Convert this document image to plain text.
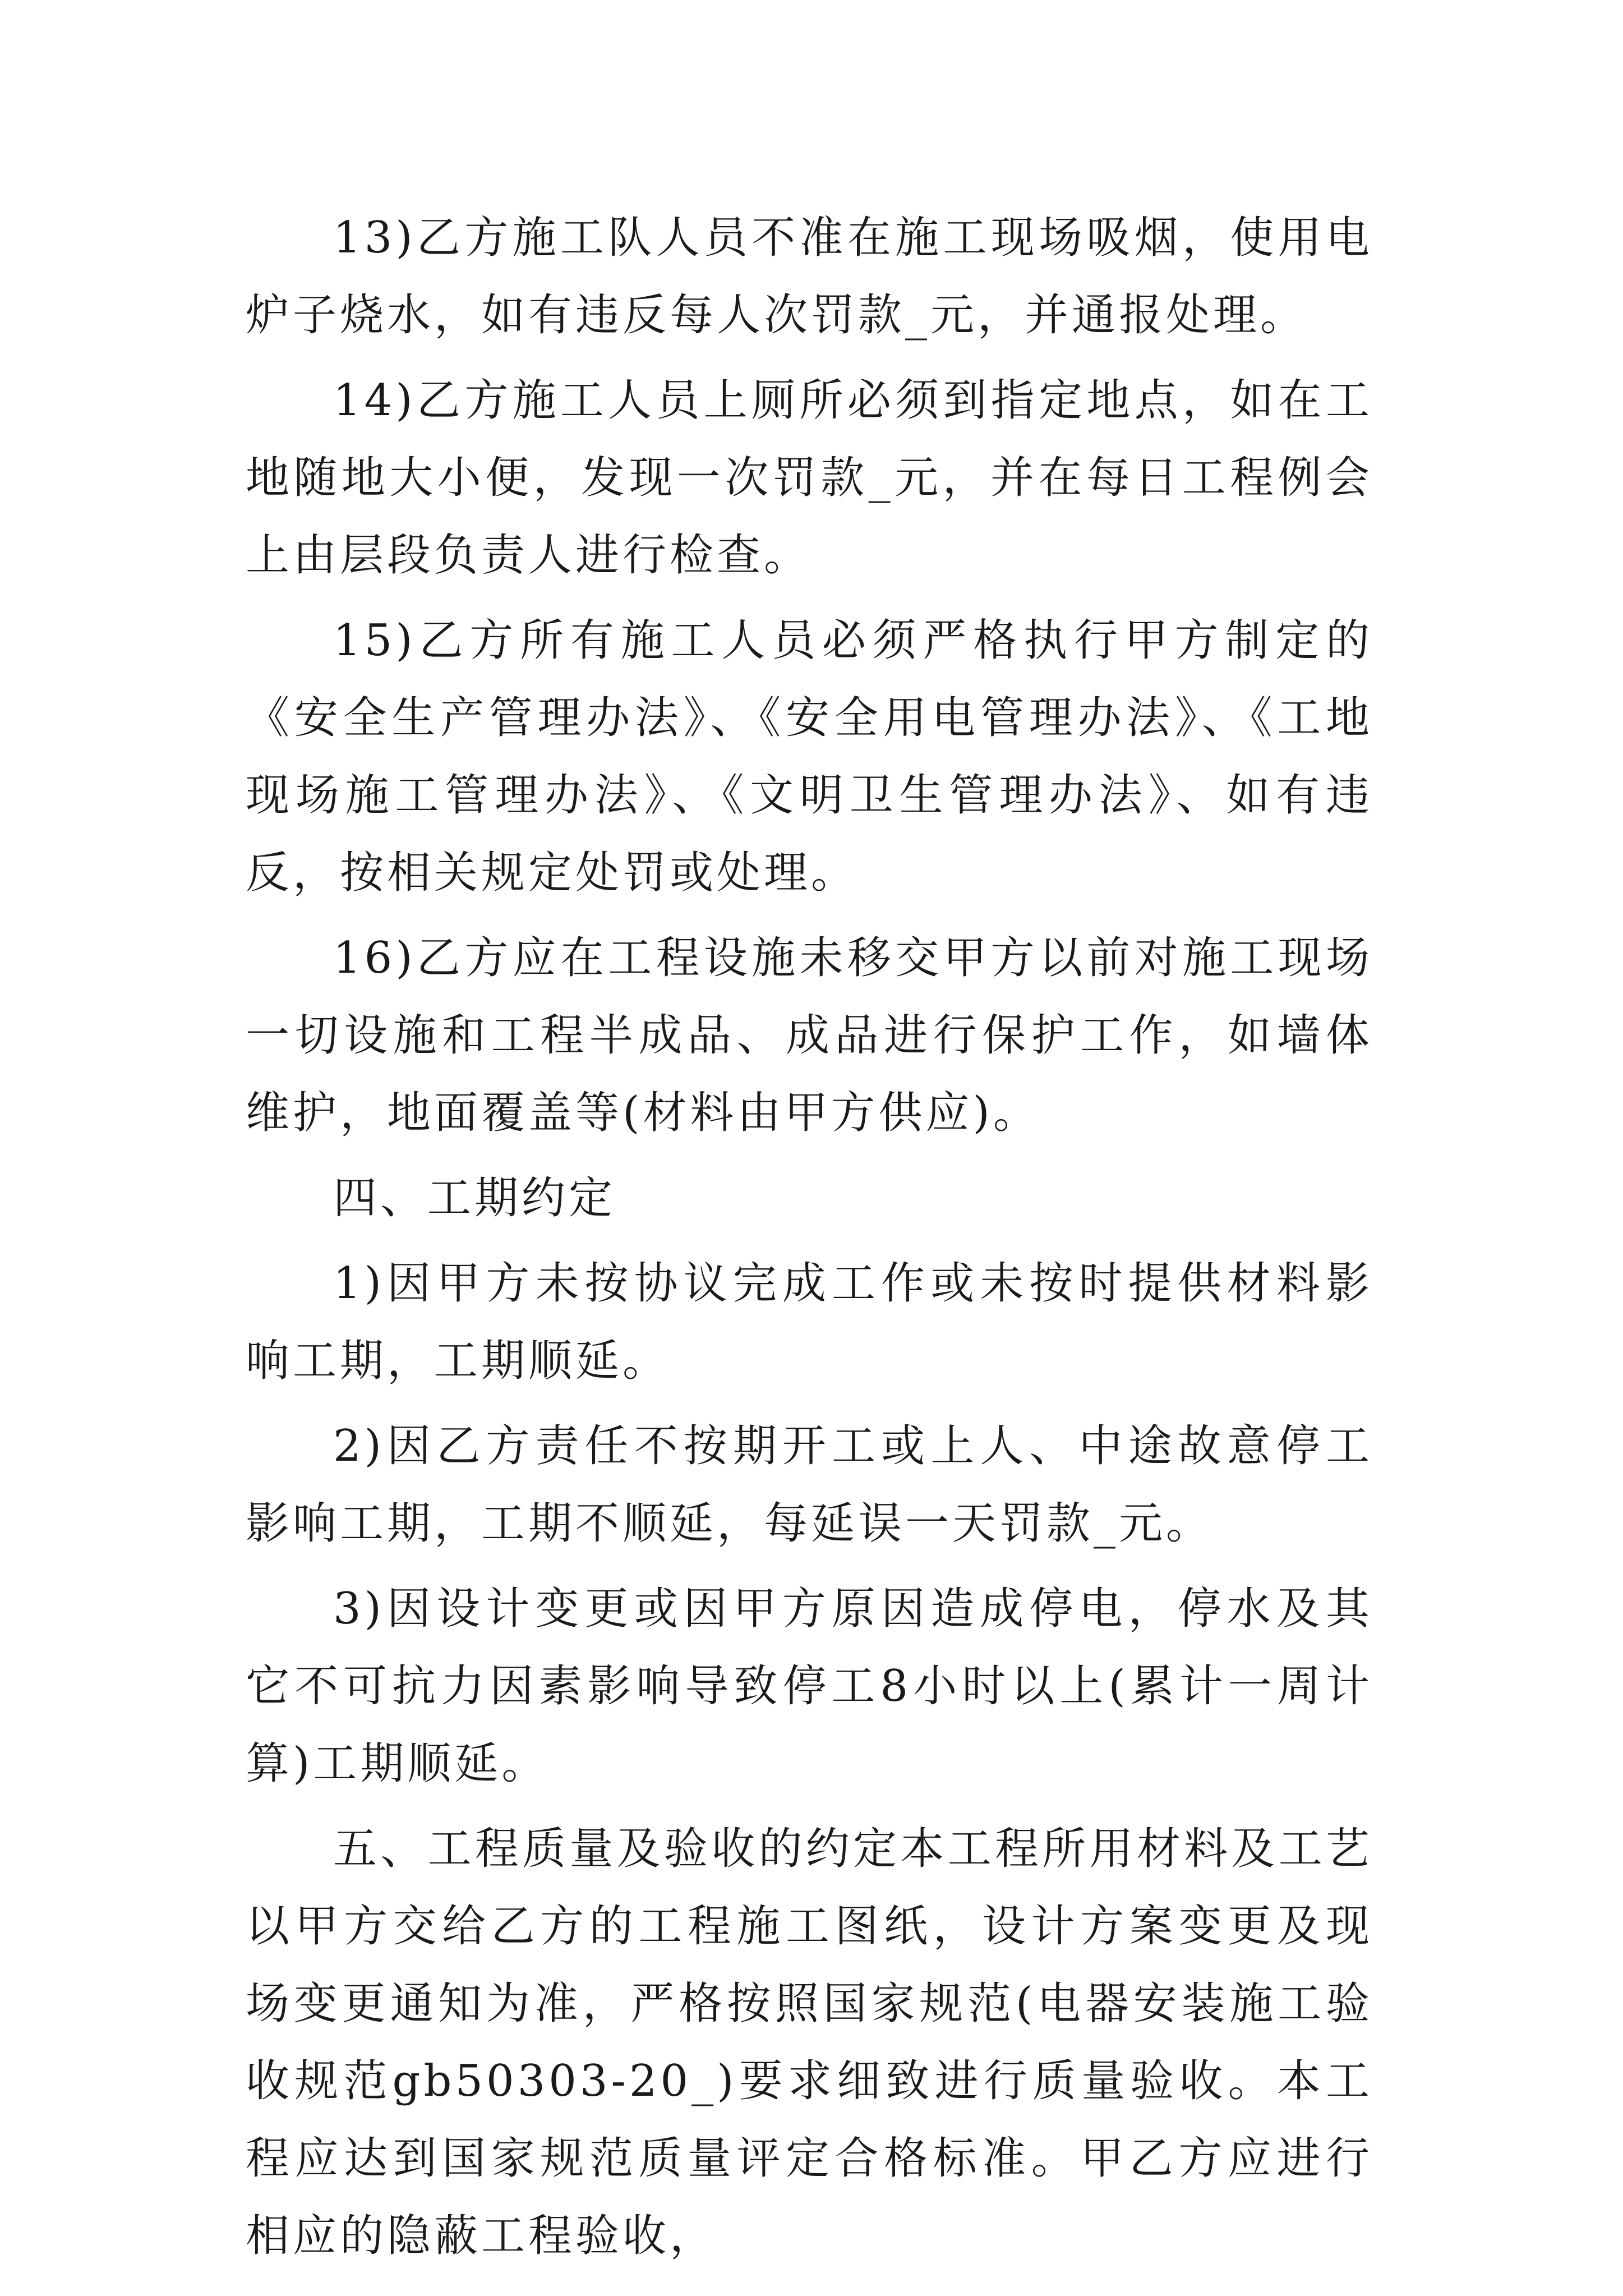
13)乙方施工队人员不准在施工现场吸烟，使用电炉子烧水，如有违反每人次罚款_元，并通报处理。

14)乙方施工人员上厕所必须到指定地点，如在工地随地大小便，发现一次罚款_元，并在每日工程例会上由层段负责人进行检查。

15)乙方所有施工人员必须严格执行甲方制定的《安全生产管理办法》、《安全用电管理办法》、《工地现场施工管理办法》、《文明卫生管理办法》、如有违反，按相关规定处罚或处理。

16)乙方应在工程设施未移交甲方以前对施工现场一切设施和工程半成品、成品进行保护工作，如墙体维护，地面覆盖等(材料由甲方供应)。

四、工期约定

1)因甲方未按协议完成工作或未按时提供材料影响工期，工期顺延。

2)因乙方责任不按期开工或上人、中途故意停工影响工期，工期不顺延，每延误一天罚款_元。

3)因设计变更或因甲方原因造成停电，停水及其它不可抗力因素影响导致停工8小时以上(累计一周计算)工期顺延。

五、工程质量及验收的约定本工程所用材料及工艺以甲方交给乙方的工程施工图纸，设计方案变更及现场变更通知为准，严格按照国家规范(电器安装施工验收规范gb50303-20_)要求细致进行质量验收。本工程应达到国家规范质量评定合格标准。甲乙方应进行相应的隐蔽工程验收，
